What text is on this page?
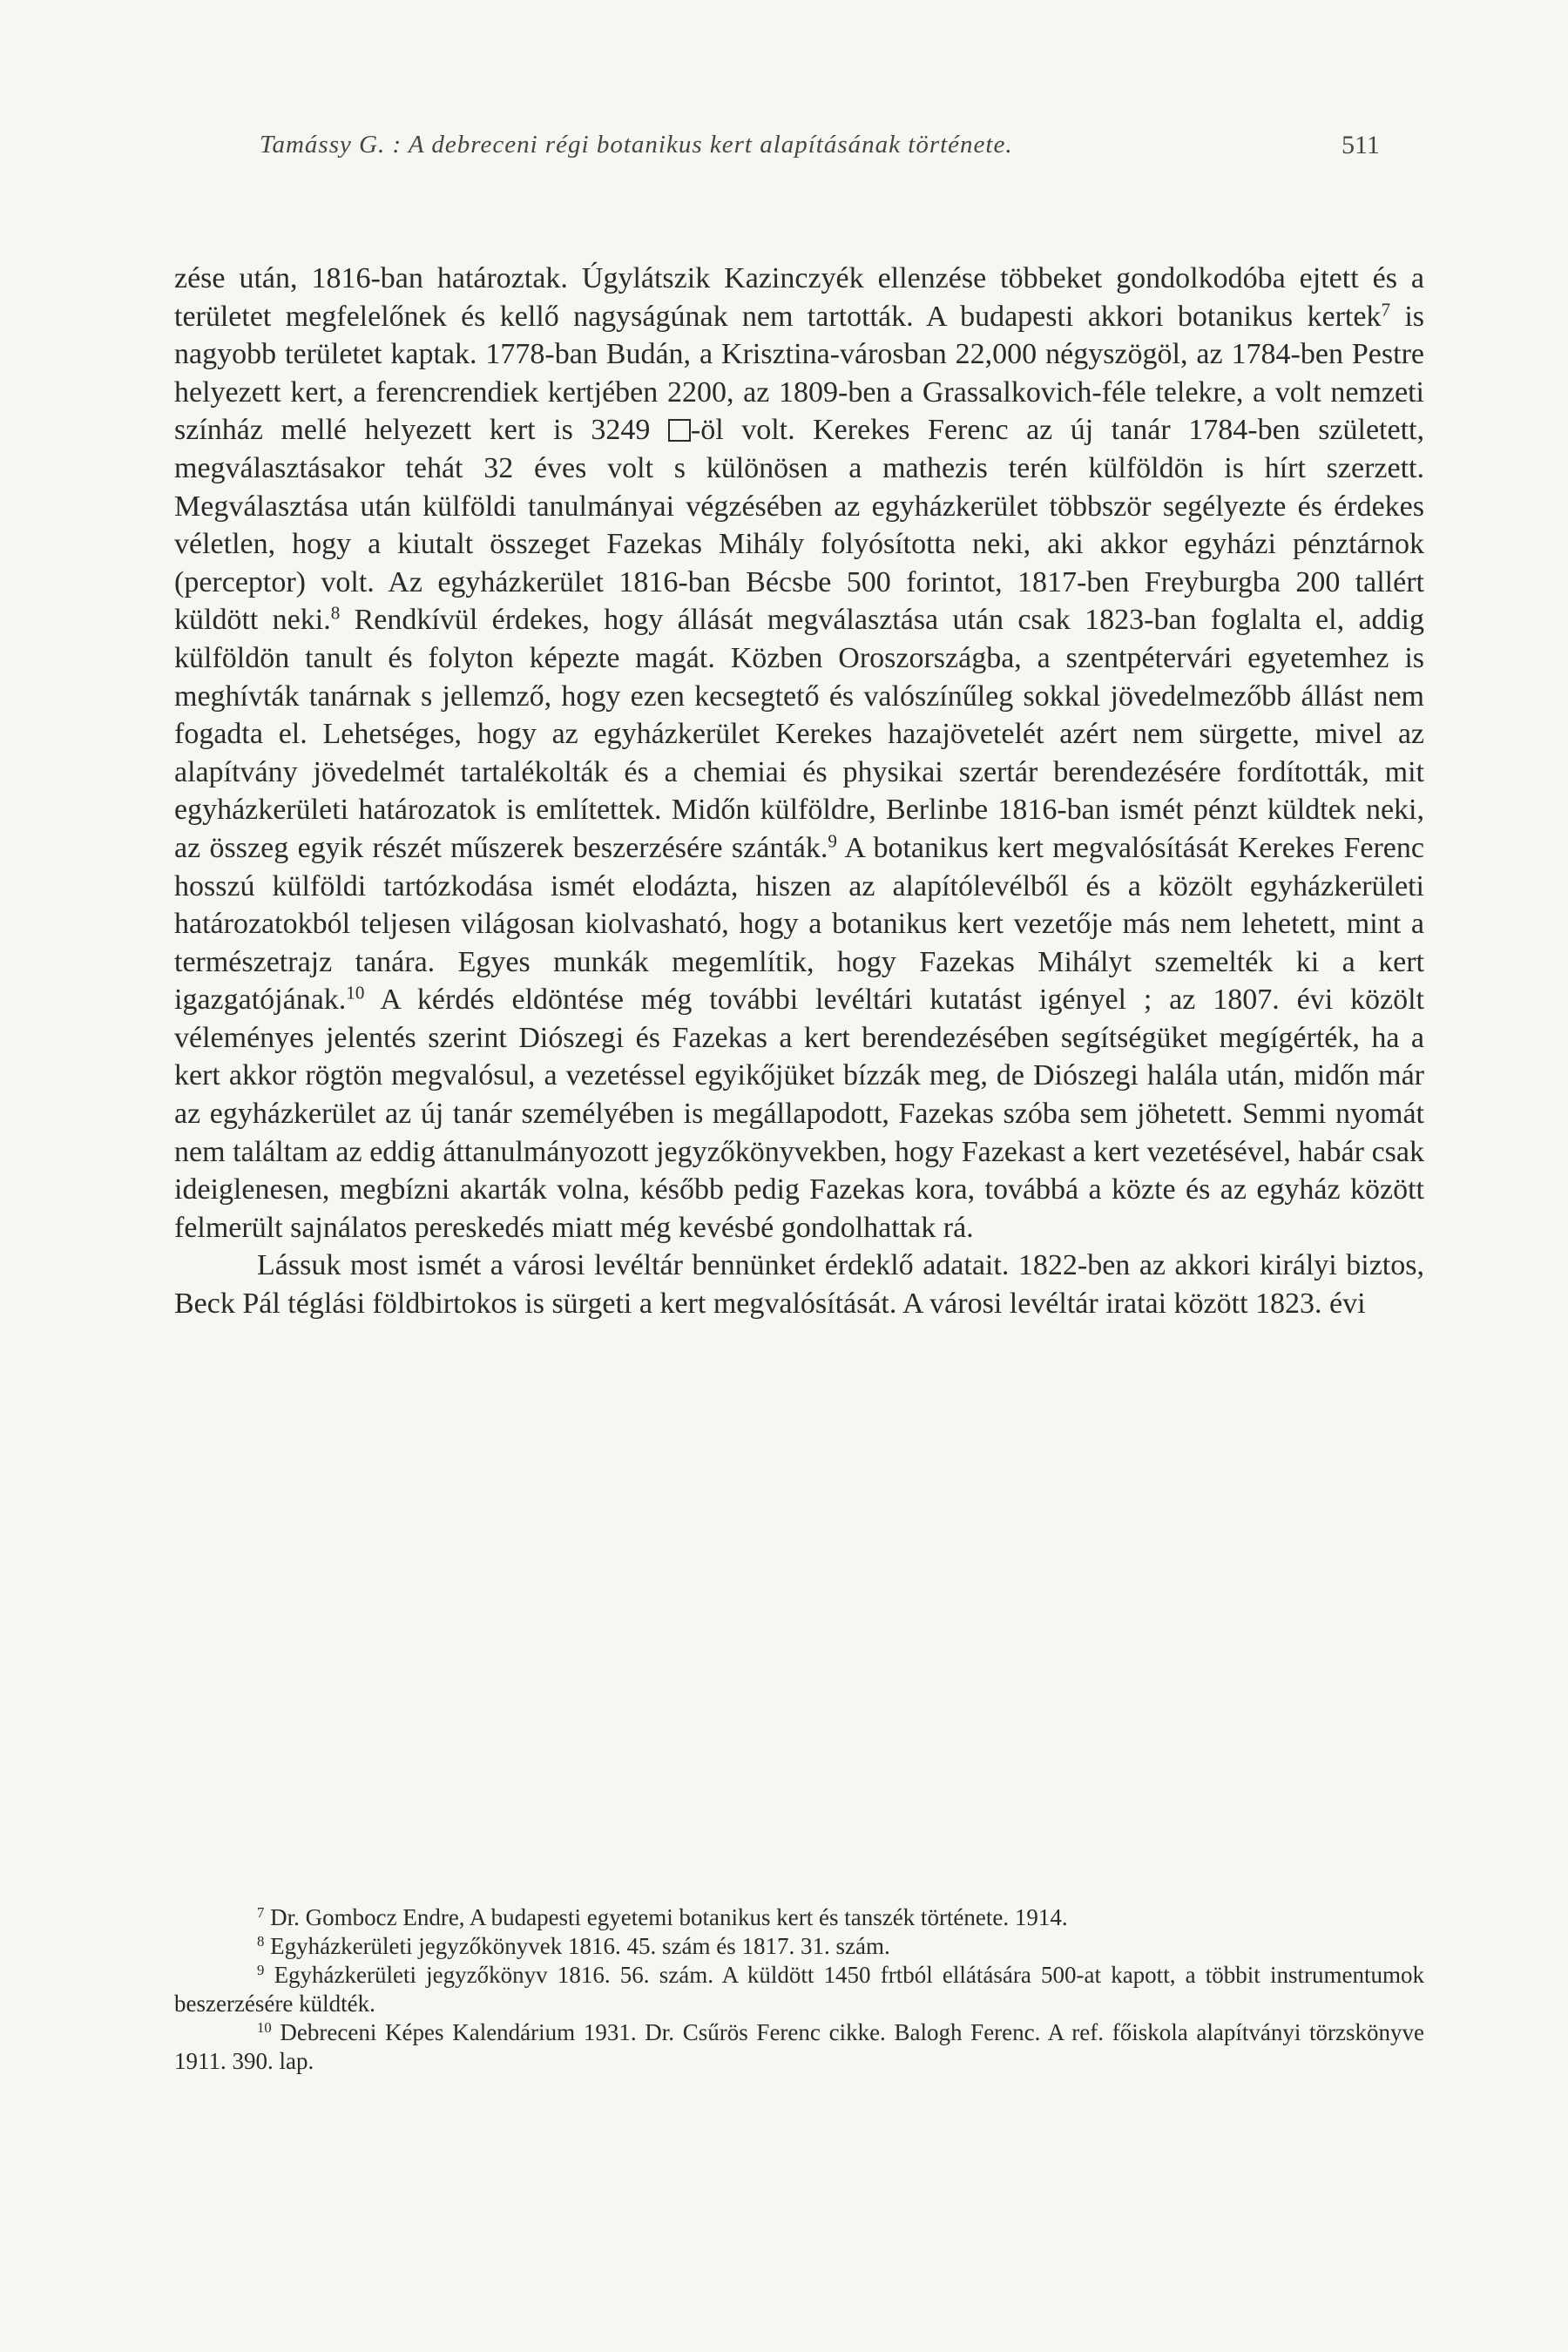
Tamássy G. : A debreceni régi botanikus kert alapításának története.	511

zése után, 1816-ban határoztak. Úgylátszik Kazinczyék ellenzése többeket gondolkodóba ejtett és a területet megfelelőnek és kellő nagyságúnak nem tartották. A budapesti akkori botanikus kertek$^7$ is nagyobb területet kaptak. 1778-ban Budán, a Krisztina-városban 22,000 négyszögöl, az 1784-ben Pestre helyezett kert, a ferencrendiek kertjében 2200, az 1809-ben a Grassalkovich-féle telekre, a volt nemzeti színház mellé helyezett kert is 3249 -öl volt. Kerekes Ferenc az új tanár 1784-ben született, megválasztásakor tehát 32 éves volt s különösen a mathezis terén külföldön is hírt szerzett. Megválasztása után külföldi tanulmányai végzésében az egyházkerület többször segélyezte és érdekes véletlen, hogy a kiutalt összeget Fazekas Mihály folyósította neki, aki akkor egyházi pénztárnok (perceptor) volt. Az egyházkerület 1816-ban Bécsbe 500 forintot, 1817-ben Freyburgba 200 tallért küldött neki.$^8$ Rendkívül érdekes, hogy állását megválasztása után csak 1823-ban foglalta el, addig külföldön tanult és folyton képezte magát. Közben Oroszországba, a szentpétervári egyetemhez is meghívták tanárnak s jellemző, hogy ezen kecsegtető és valószínűleg sokkal jövedelmezőbb állást nem fogadta el. Lehetséges, hogy az egyházkerület Kerekes hazajövetelét azért nem sürgette, mivel az alapítvány jövedelmét tartalékolták és a chemiai és physikai szertár berendezésére fordították, mit egyházkerületi határozatok is említettek. Midőn külföldre, Berlinbe 1816-ban ismét pénzt küldtek neki, az összeg egyik részét műszerek beszerzésére szánták.$^9$ A botanikus kert megvalósítását Kerekes Ferenc hosszú külföldi tartózkodása ismét elodázta, hiszen az alapítólevélből és a közölt egyházkerületi határozatokból teljesen világosan kiolvasható, hogy a botanikus kert vezetője más nem lehetett, mint a természetrajz tanára. Egyes munkák megemlítik, hogy Fazekas Mihályt szemelték ki a kert igazgatójának.$^{10}$ A kérdés eldöntése még további levéltári kutatást igényel ; az 1807. évi közölt véleményes jelentés szerint Diószegi és Fazekas a kert berendezésében segítségüket megígérték, ha a kert akkor rögtön megvalósul, a vezetéssel egyikőjüket bízzák meg, de Diószegi halála után, midőn már az egyházkerület az új tanár személyében is megállapodott, Fazekas szóba sem jöhetett. Semmi nyomát nem találtam az eddig áttanulmányozott jegyzőkönyvekben, hogy Fazekast a kert vezetésével, habár csak ideiglenesen, megbízni akarták volna, később pedig Fazekas kora, továbbá a közte és az egyház között felmerült sajnálatos pereskedés miatt még kevésbé gondolhattak rá.

Lássuk most ismét a városi levéltár bennünket érdeklő adatait. 1822-ben az akkori királyi biztos, Beck Pál téglási földbirtokos is sürgeti a kert megvalósítását. A városi levéltár iratai között 1823. évi

$^7$ Dr. Gombocz Endre, A budapesti egyetemi botanikus kert és tanszék története. 1914.

$^8$ Egyházkerületi jegyzőkönyvek 1816. 45. szám és 1817. 31. szám.

$^9$ Egyházkerületi jegyzőkönyv 1816. 56. szám. A küldött 1450 frtból ellátására 500-at kapott, a többit instrumentumok beszerzésére küldték.

$^{10}$ Debreceni Képes Kalendárium 1931. Dr. Csűrös Ferenc cikke. Balogh Ferenc. A ref. főiskola alapítványi törzskönyve 1911. 390. lap.
